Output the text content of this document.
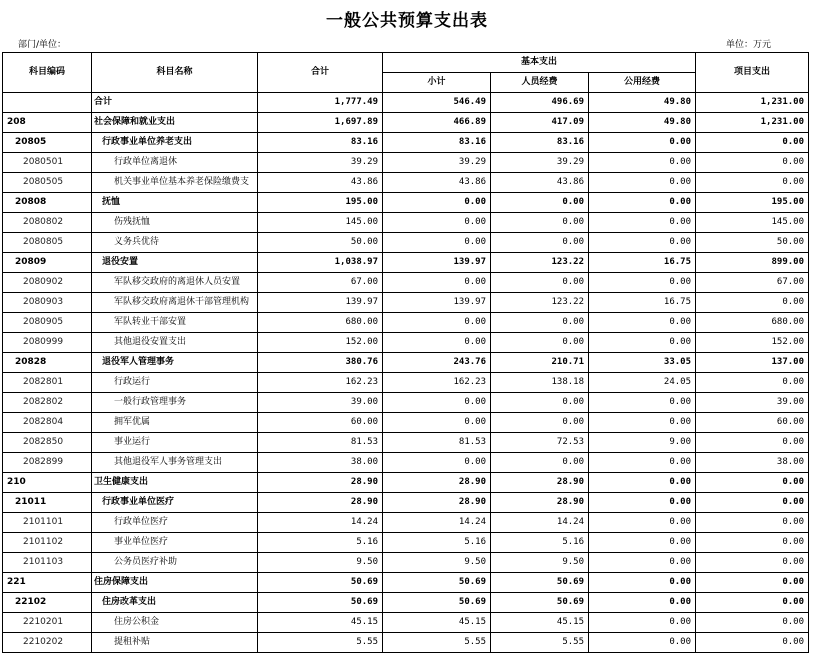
一般公共预算支出表
部门/单位：	单位：万元
科目编码	科目名称	合计	基本支出			项目支出
			小计	人员经费	公用经费	
	合计	1,777.49	546.49	496.69	49.80	1,231.00
208	社会保障和就业支出	1,697.89	466.89	417.09	49.80	1,231.00
20805	行政事业单位养老支出	83.16	83.16	83.16	0.00	0.00
2080501	行政单位离退休	39.29	39.29	39.29	0.00	0.00
2080505	机关事业单位基本养老保险缴费支	43.86	43.86	43.86	0.00	0.00
20808	抚恤	195.00	0.00	0.00	0.00	195.00
2080802	伤残抚恤	145.00	0.00	0.00	0.00	145.00
2080805	义务兵优待	50.00	0.00	0.00	0.00	50.00
20809	退役安置	1,038.97	139.97	123.22	16.75	899.00
2080902	军队移交政府的离退休人员安置	67.00	0.00	0.00	0.00	67.00
2080903	军队移交政府离退休干部管理机构	139.97	139.97	123.22	16.75	0.00
2080905	军队转业干部安置	680.00	0.00	0.00	0.00	680.00
2080999	其他退役安置支出	152.00	0.00	0.00	0.00	152.00
20828	退役军人管理事务	380.76	243.76	210.71	33.05	137.00
2082801	行政运行	162.23	162.23	138.18	24.05	0.00
2082802	一般行政管理事务	39.00	0.00	0.00	0.00	39.00
2082804	拥军优属	60.00	0.00	0.00	0.00	60.00
2082850	事业运行	81.53	81.53	72.53	9.00	0.00
2082899	其他退役军人事务管理支出	38.00	0.00	0.00	0.00	38.00
210	卫生健康支出	28.90	28.90	28.90	0.00	0.00
21011	行政事业单位医疗	28.90	28.90	28.90	0.00	0.00
2101101	行政单位医疗	14.24	14.24	14.24	0.00	0.00
2101102	事业单位医疗	5.16	5.16	5.16	0.00	0.00
2101103	公务员医疗补助	9.50	9.50	9.50	0.00	0.00
221	住房保障支出	50.69	50.69	50.69	0.00	0.00
22102	住房改革支出	50.69	50.69	50.69	0.00	0.00
2210201	住房公积金	45.15	45.15	45.15	0.00	0.00
2210202	提租补贴	5.55	5.55	5.55	0.00	0.00
